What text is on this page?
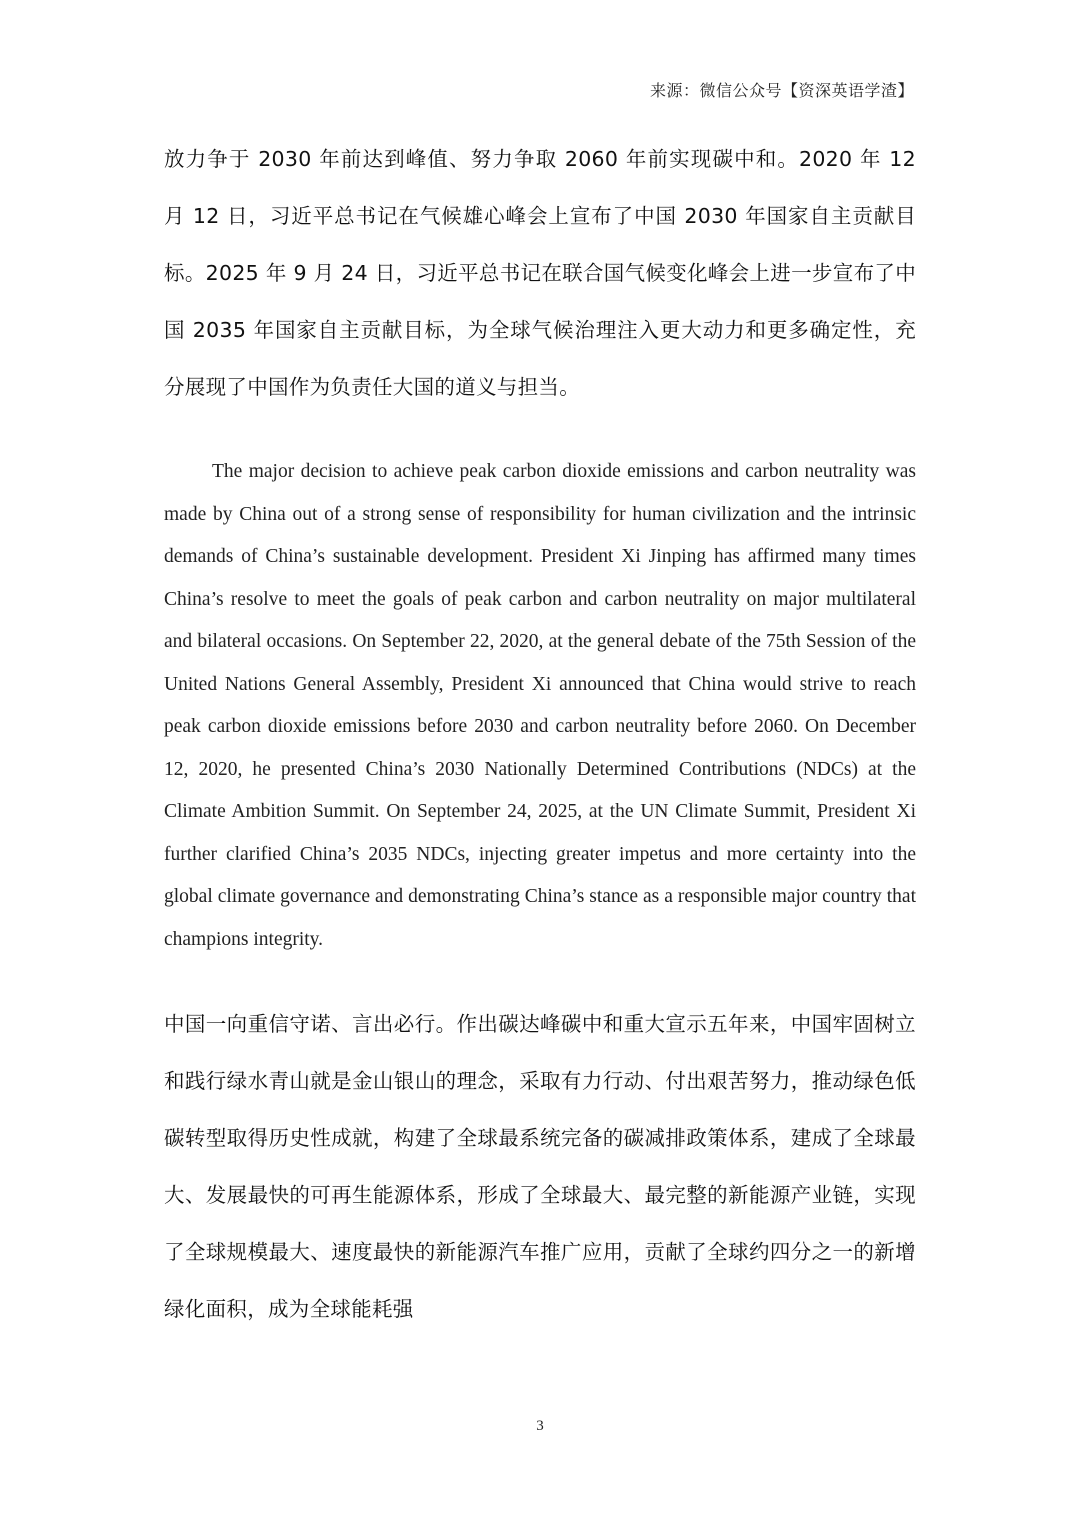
来源：微信公众号【资深英语学渣】

放力争于 2030 年前达到峰值、努力争取 2060 年前实现碳中和。2020 年 12 月 12 日，习近平总书记在气候雄心峰会上宣布了中国 2030 年国家自主贡献目标。2025 年 9 月 24 日，习近平总书记在联合国气候变化峰会上进一步宣布了中国 2035 年国家自主贡献目标，为全球气候治理注入更大动力和更多确定性，充分展现了中国作为负责任大国的道义与担当。

The major decision to achieve peak carbon dioxide emissions and carbon neutrality was made by China out of a strong sense of responsibility for human civilization and the intrinsic demands of China’s sustainable development. President Xi Jinping has affirmed many times China’s resolve to meet the goals of peak carbon and carbon neutrality on major multilateral and bilateral occasions. On September 22, 2020, at the general debate of the 75th Session of the United Nations General Assembly, President Xi announced that China would strive to reach peak carbon dioxide emissions before 2030 and carbon neutrality before 2060. On December 12, 2020, he presented China’s 2030 Nationally Determined Contributions (NDCs) at the Climate Ambition Summit. On September 24, 2025, at the UN Climate Summit, President Xi further clarified China’s 2035 NDCs, injecting greater impetus and more certainty into the global climate governance and demonstrating China’s stance as a responsible major country that champions integrity.

中国一向重信守诺、言出必行。作出碳达峰碳中和重大宣示五年来，中国牢固树立和践行绿水青山就是金山银山的理念，采取有力行动、付出艰苦努力，推动绿色低碳转型取得历史性成就，构建了全球最系统完备的碳减排政策体系，建成了全球最大、发展最快的可再生能源体系，形成了全球最大、最完整的新能源产业链，实现了全球规模最大、速度最快的新能源汽车推广应用，贡献了全球约四分之一的新增绿化面积，成为全球能耗强

3
